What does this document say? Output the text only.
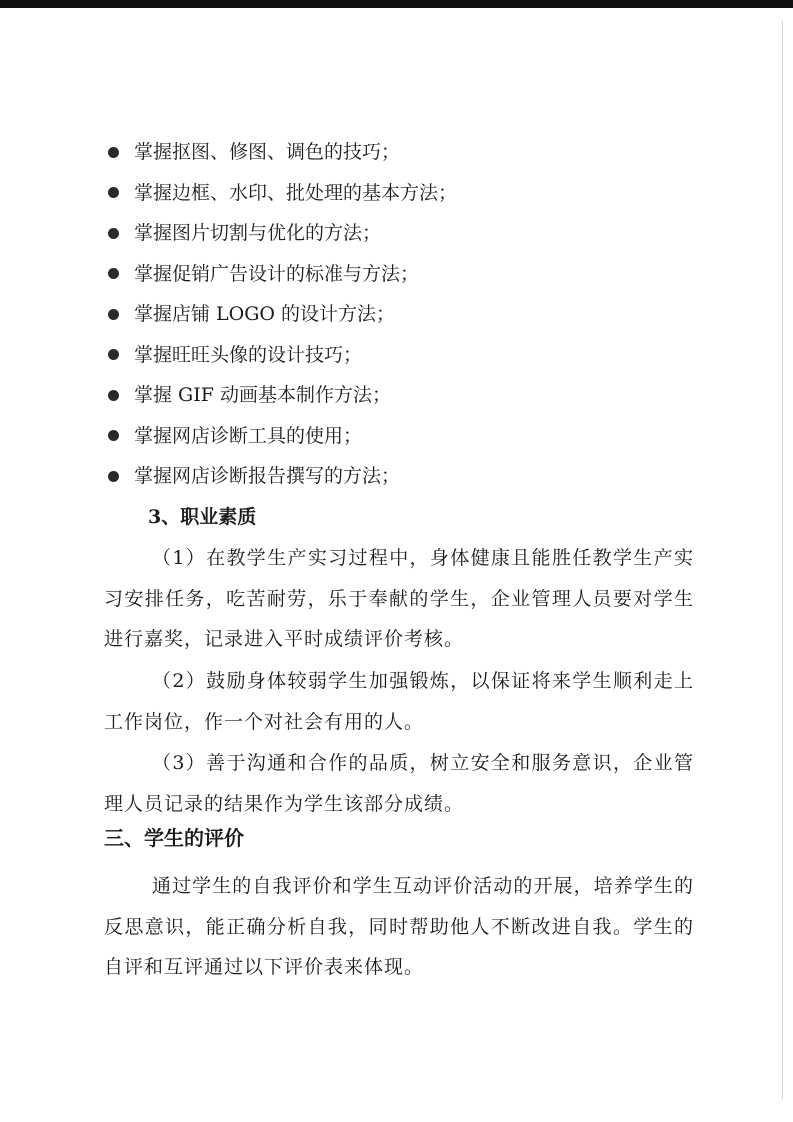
掌握抠图、修图、调色的技巧；
掌握边框、水印、批处理的基本方法；
掌握图片切割与优化的方法；
掌握促销广告设计的标准与方法；
掌握店铺 LOGO 的设计方法；
掌握旺旺头像的设计技巧；
掌握 GIF 动画基本制作方法；
掌握网店诊断工具的使用；
掌握网店诊断报告撰写的方法；
3、职业素质

（1）在教学生产实习过程中，身体健康且能胜任教学生产实习安排任务，吃苦耐劳，乐于奉献的学生，企业管理人员要对学生进行嘉奖，记录进入平时成绩评价考核。

（2）鼓励身体较弱学生加强锻炼，以保证将来学生顺利走上工作岗位，作一个对社会有用的人。

（3）善于沟通和合作的品质，树立安全和服务意识，企业管理人员记录的结果作为学生该部分成绩。

三、学生的评价

通过学生的自我评价和学生互动评价活动的开展，培养学生的反思意识，能正确分析自我，同时帮助他人不断改进自我。学生的自评和互评通过以下评价表来体现。
